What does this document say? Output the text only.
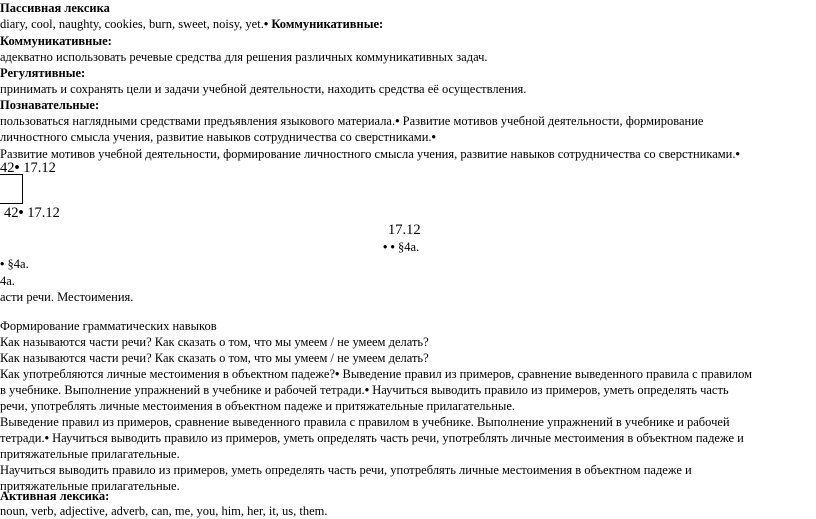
Пассивная лексика
diary, cool, naughty, cookies, burn, sweet, noisy, yet.• Коммуникативные:
Коммуникативные:
адекватно использовать речевые средства для решения различных коммуникативных задач.
Регулятивные:
принимать и сохранять цели и задачи учебной деятельности, находить средства её осуществления.
Познавательные:
пользоваться наглядными средствами предъявления языкового материала.• Развитие мотивов учебной деятельности, формирование
личностного смысла учения, развитие навыков сотрудничества со сверстниками.•
Развитие мотивов учебной деятельности, формирование личностного смысла учения, развитие навыков сотрудничества со сверстниками.•
42• 17.12
42• 17.12
17.12
• • §4a.
• §4a.
4a.
асти речи. Местоимения.
Формирование грамматических навыков
Как называются части речи? Как сказать о том, что мы умеем / не умеем делать?
Как называются части речи? Как сказать о том, что мы умеем / не умеем делать?
Как употребляются личные местоимения в объектном падеже?• Выведение правил из примеров, сравнение выведенного правила с правилом
в учебнике. Выполнение упражнений в учебнике и рабочей тетради.• Научиться выводить правило из примеров, уметь определять часть
речи, употреблять личные местоимения в объектном падеже и притяжательные прилагательные.
Выведение правил из примеров, сравнение выведенного правила с правилом в учебнике. Выполнение упражнений в учебнике и рабочей
тетради.• Научиться выводить правило из примеров, уметь определять часть речи, употреблять личные местоимения в объектном падеже и
притяжательные прилагательные.
Научиться выводить правило из примеров, уметь определять часть речи, употреблять личные местоимения в объектном падеже и
притяжательные прилагательные.
Активная лексика:
noun, verb, adjective, adverb, can, me, you, him, her, it, us, them.
